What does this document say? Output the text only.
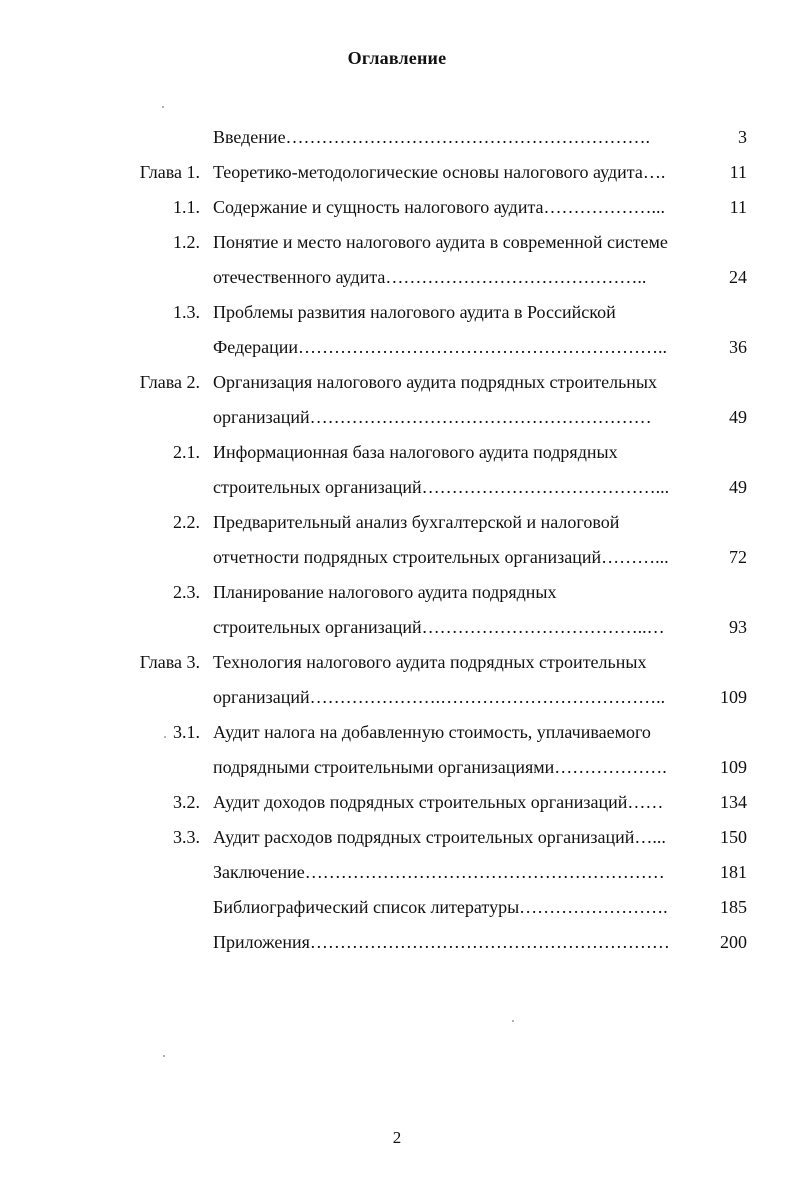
Оглавление
Введение…………………………………………………….	3
Глава 1. Теоретико-методологические основы налогового аудита….	11
1.1. Содержание и сущность налогового аудита………………...	11
1.2. Понятие и место налогового аудита в современной системе
отечественного аудита……………………………………..	24
1.3. Проблемы развития налогового аудита в Российской
Федерации……………………………………………………..	36
Глава 2. Организация налогового аудита подрядных строительных
организаций…………………………………………………	49
2.1. Информационная база налогового аудита подрядных
строительных организаций…………………………………...	49
2.2. Предварительный анализ бухгалтерской и налоговой
отчетности подрядных строительных организаций………...	72
2.3. Планирование налогового аудита подрядных
строительных организаций………………………………..…	93
Глава 3. Технология налогового аудита подрядных строительных
организаций………………….………………………………..	109
3.1. Аудит налога на добавленную стоимость, уплачиваемого
подрядными строительными организациями……………….	109
3.2. Аудит доходов подрядных строительных организаций……	134
3.3. Аудит расходов подрядных строительных организаций…...	150
Заключение……………………………………………………	181
Библиографический список литературы…………………….	185
Приложения……………………………………………………	200
2
